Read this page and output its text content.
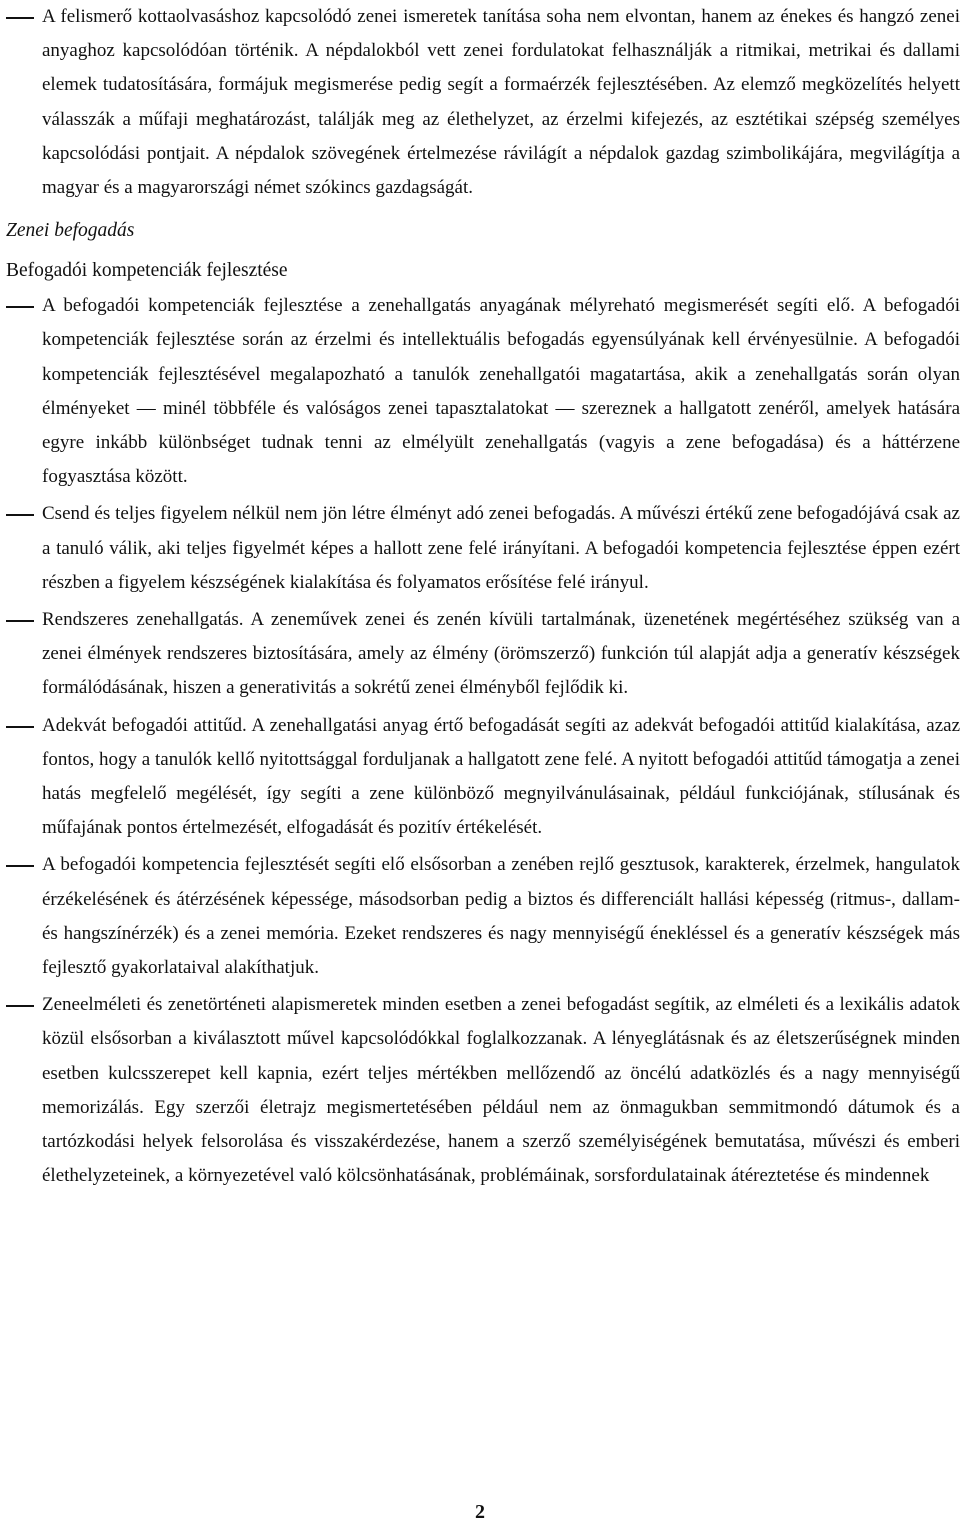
A felismerő kottaolvasáshoz kapcsolódó zenei ismeretek tanítása soha nem elvontan, hanem az énekes és hangzó zenei anyaghoz kapcsolódóan történik. A népdalokból vett zenei fordulatokat felhasználják a ritmikai, metrikai és dallami elemek tudatosítására, formájuk megismerése pedig segít a formaérzék fejlesztésében. Az elemző megközelítés helyett válasszák a műfaji meghatározást, találják meg az élethelyzet, az érzelmi kifejezés, az esztétikai szépség személyes kapcsolódási pontjait. A népdalok szövegének értelmezése rávilágít a népdalok gazdag szimbolikájára, megvilágítja a magyar és a magyarországi német szókincs gazdagságát.
Zenei befogadás
Befogadói kompetenciák fejlesztése
A befogadói kompetenciák fejlesztése a zenehallgatás anyagának mélyreható megismerését segíti elő. A befogadói kompetenciák fejlesztése során az érzelmi és intellektuális befogadás egyensúlyának kell érvényesülnie. A befogadói kompetenciák fejlesztésével megalapozható a tanulók zenehallgatói magatartása, akik a zenehallgatás során olyan élményeket — minél többféle és valóságos zenei tapasztalatokat — szereznek a hallgatott zenéről, amelyek hatására egyre inkább különbséget tudnak tenni az elmélyült zenehallgatás (vagyis a zene befogadása) és a háttérzene fogyasztása között.
Csend és teljes figyelem nélkül nem jön létre élményt adó zenei befogadás. A művészi értékű zene befogadójává csak az a tanuló válik, aki teljes figyelmét képes a hallott zene felé irányítani. A befogadói kompetencia fejlesztése éppen ezért részben a figyelem készségének kialakítása és folyamatos erősítése felé irányul.
Rendszeres zenehallgatás. A zeneművek zenei és zenén kívüli tartalmának, üzenetének megértéséhez szükség van a zenei élmények rendszeres biztosítására, amely az élmény (örömszerző) funkción túl alapját adja a generatív készségek formálódásának, hiszen a generativitás a sokrétű zenei élményből fejlődik ki.
Adekvát befogadói attitűd. A zenehallgatási anyag értő befogadását segíti az adekvát befogadói attitűd kialakítása, azaz fontos, hogy a tanulók kellő nyitottsággal forduljanak a hallgatott zene felé. A nyitott befogadói attitűd támogatja a zenei hatás megfelelő megélését, így segíti a zene különböző megnyilvánulásainak, például funkciójának, stílusának és műfajának pontos értelmezését, elfogadását és pozitív értékelését.
A befogadói kompetencia fejlesztését segíti elő elsősorban a zenében rejlő gesztusok, karakterek, érzelmek, hangulatok érzékelésének és átérzésének képessége, másodsorban pedig a biztos és differenciált hallási képesség (ritmus-, dallam- és hangszínérzék) és a zenei memória. Ezeket rendszeres és nagy mennyiségű énekléssel és a generatív készségek más fejlesztő gyakorlataival alakíthatjuk.
Zeneelméleti és zenetörténeti alapismeretek minden esetben a zenei befogadást segítik, az elméleti és a lexikális adatok közül elsősorban a kiválasztott művel kapcsolódókkal foglalkozzanak. A lényeglátásnak és az életszerűségnek minden esetben kulcsszerepet kell kapnia, ezért teljes mértékben mellőzendő az öncélú adatközlés és a nagy mennyiségű memorizálás. Egy szerzői életrajz megismertetésében például nem az önmagukban semmitmondó dátumok és a tartózkodási helyek felsorolása és visszakérdezése, hanem a szerző személyiségének bemutatása, művészi és emberi élethelyzeteinek, a környezetével való kölcsönhatásának, problémáinak, sorsfordulatainak átéreztetése és mindennek
2
